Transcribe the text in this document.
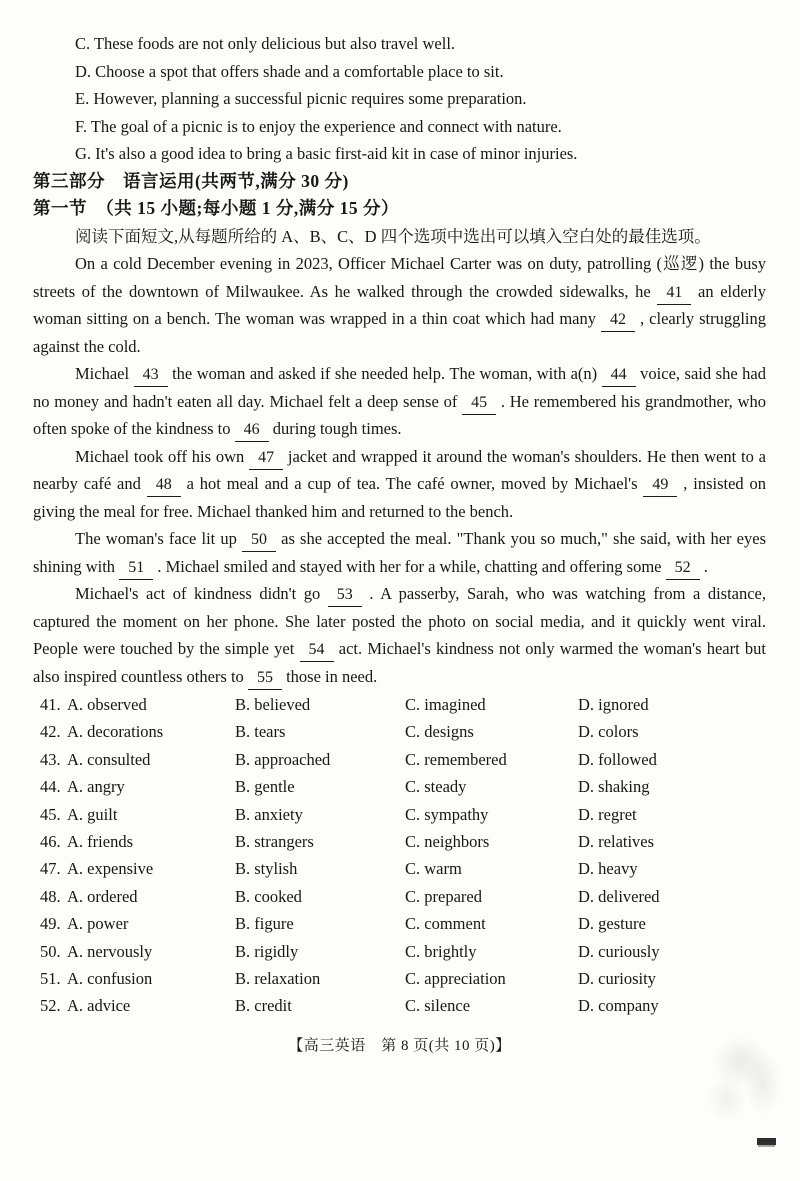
C. These foods are not only delicious but also travel well.
D. Choose a spot that offers shade and a comfortable place to sit.
E. However, planning a successful picnic requires some preparation.
F. The goal of a picnic is to enjoy the experience and connect with nature.
G. It's also a good idea to bring a basic first-aid kit in case of minor injuries.
第三部分　语言运用(共两节,满分 30 分)
第一节　（共 15 小题;每小题 1 分,满分 15 分）
阅读下面短文,从每题所给的 A、B、C、D 四个选项中选出可以填入空白处的最佳选项。

On a cold December evening in 2023, Officer Michael Carter was on duty, patrolling (巡逻) the busy streets of the downtown of Milwaukee. As he walked through the crowded sidewalks, he 41 an elderly woman sitting on a bench. The woman was wrapped in a thin coat which had many 42 , clearly struggling against the cold.

Michael 43 the woman and asked if she needed help. The woman, with a(n) 44 voice, said she had no money and hadn't eaten all day. Michael felt a deep sense of 45 . He remembered his grandmother, who often spoke of the kindness to 46 during tough times.

Michael took off his own 47 jacket and wrapped it around the woman's shoulders. He then went to a nearby café and 48 a hot meal and a cup of tea. The café owner, moved by Michael's 49 , insisted on giving the meal for free. Michael thanked him and returned to the bench.

The woman's face lit up 50 as she accepted the meal. "Thank you so much," she said, with her eyes shining with 51 . Michael smiled and stayed with her for a while, chatting and offering some 52 .

Michael's act of kindness didn't go 53 . A passerby, Sarah, who was watching from a distance, captured the moment on her phone. She later posted the photo on social media, and it quickly went viral. People were touched by the simple yet 54 act. Michael's kindness not only warmed the woman's heart but also inspired countless others to 55 those in need.

41. A. observed	B. believed	C. imagined	D. ignored
42. A. decorations	B. tears	C. designs	D. colors
43. A. consulted	B. approached	C. remembered	D. followed
44. A. angry	B. gentle	C. steady	D. shaking
45. A. guilt	B. anxiety	C. sympathy	D. regret
46. A. friends	B. strangers	C. neighbors	D. relatives
47. A. expensive	B. stylish	C. warm	D. heavy
48. A. ordered	B. cooked	C. prepared	D. delivered
49. A. power	B. figure	C. comment	D. gesture
50. A. nervously	B. rigidly	C. brightly	D. curiously
51. A. confusion	B. relaxation	C. appreciation	D. curiosity
52. A. advice	B. credit	C. silence	D. company
【高三英语　第 8 页(共 10 页)】
